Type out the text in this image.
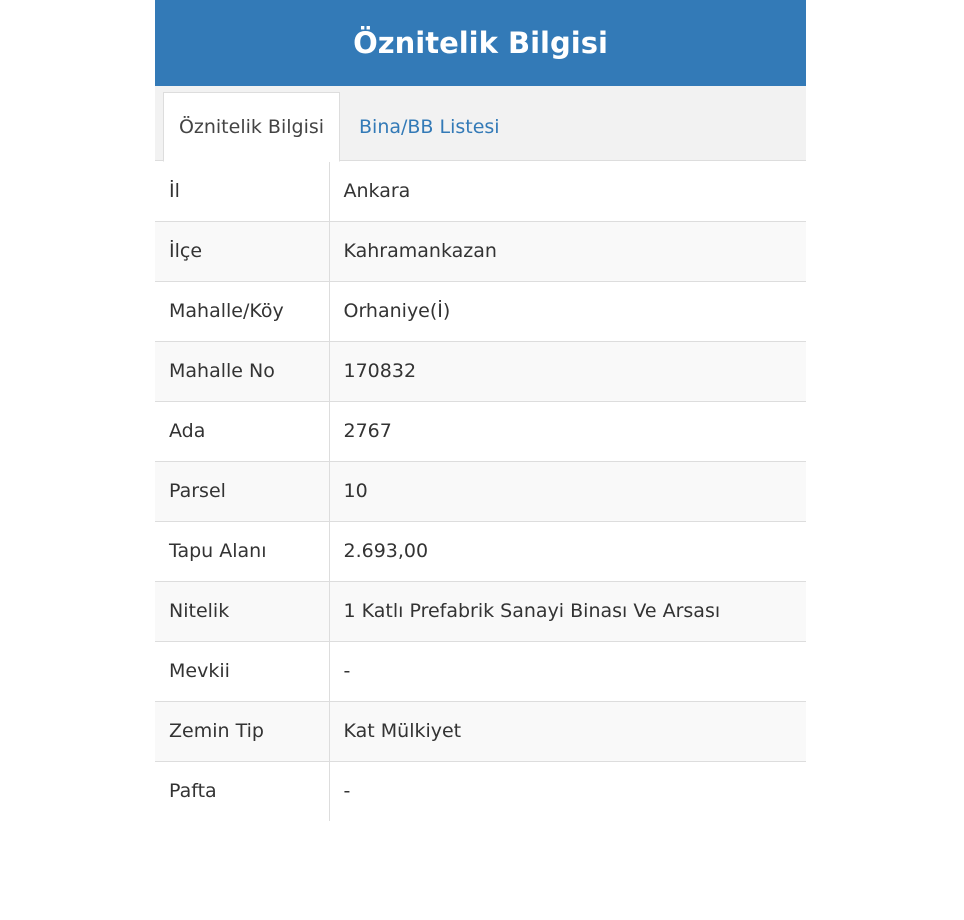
Öznitelik Bilgisi
Öznitelik Bilgisi	Bina/BB Listesi
İl	Ankara
İlçe	Kahramankazan
Mahalle/Köy	Orhaniye(İ)
Mahalle No	170832
Ada	2767
Parsel	10
Tapu Alanı	2.693,00
Nitelik	1 Katlı Prefabrik Sanayi Binası Ve Arsası
Mevkii	-
Zemin Tip	Kat Mülkiyet
Pafta	-
